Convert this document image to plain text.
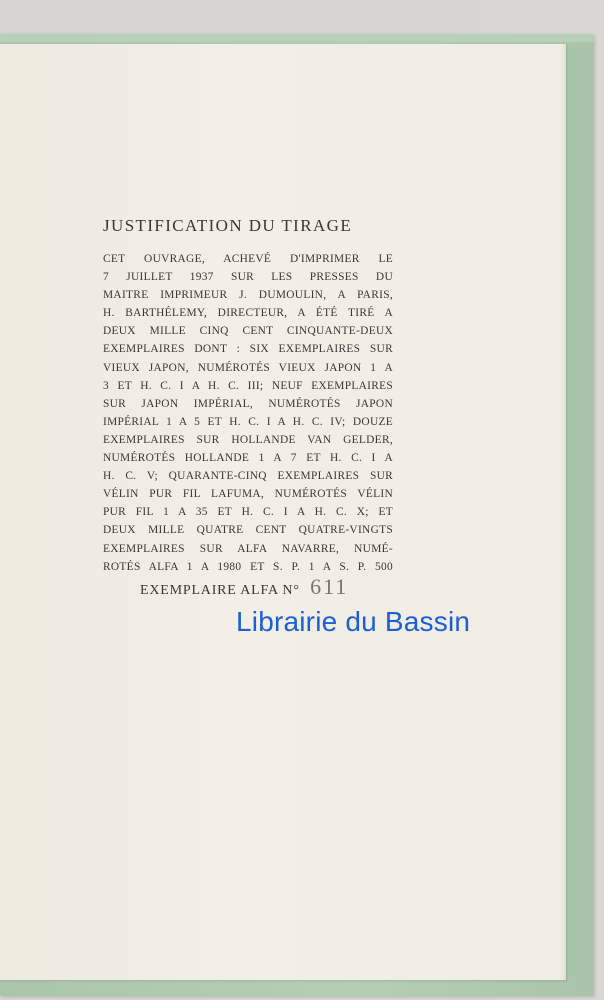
JUSTIFICATION DU TIRAGE
CET OUVRAGE, ACHEVÉ D'IMPRIMER LE
7 JUILLET 1937 SUR LES PRESSES DU
MAITRE IMPRIMEUR J. DUMOULIN, A PARIS,
H. BARTHÉLEMY, DIRECTEUR, A ÉTÉ TIRÉ A
DEUX MILLE CINQ CENT CINQUANTE-DEUX
EXEMPLAIRES DONT : SIX EXEMPLAIRES SUR
VIEUX JAPON, NUMÉROTÉS VIEUX JAPON 1 A
3 ET H. C. I A H. C. III; NEUF EXEMPLAIRES
SUR JAPON IMPÉRIAL, NUMÉROTÉS JAPON
IMPÉRIAL 1 A 5 ET H. C. I A H. C. IV; DOUZE
EXEMPLAIRES SUR HOLLANDE VAN GELDER,
NUMÉROTÉS HOLLANDE 1 A 7 ET H. C. I A
H. C. V; QUARANTE-CINQ EXEMPLAIRES SUR
VÉLIN PUR FIL LAFUMA, NUMÉROTÉS VÉLIN
PUR FIL 1 A 35 ET H. C. I A H. C. X; ET
DEUX MILLE QUATRE CENT QUATRE-VINGTS
EXEMPLAIRES SUR ALFA NAVARRE, NUMÉ-
ROTÉS ALFA 1 A 1980 ET S. P. 1 A S. P. 500
EXEMPLAIRE ALFA N° 611
Librairie du Bassin
